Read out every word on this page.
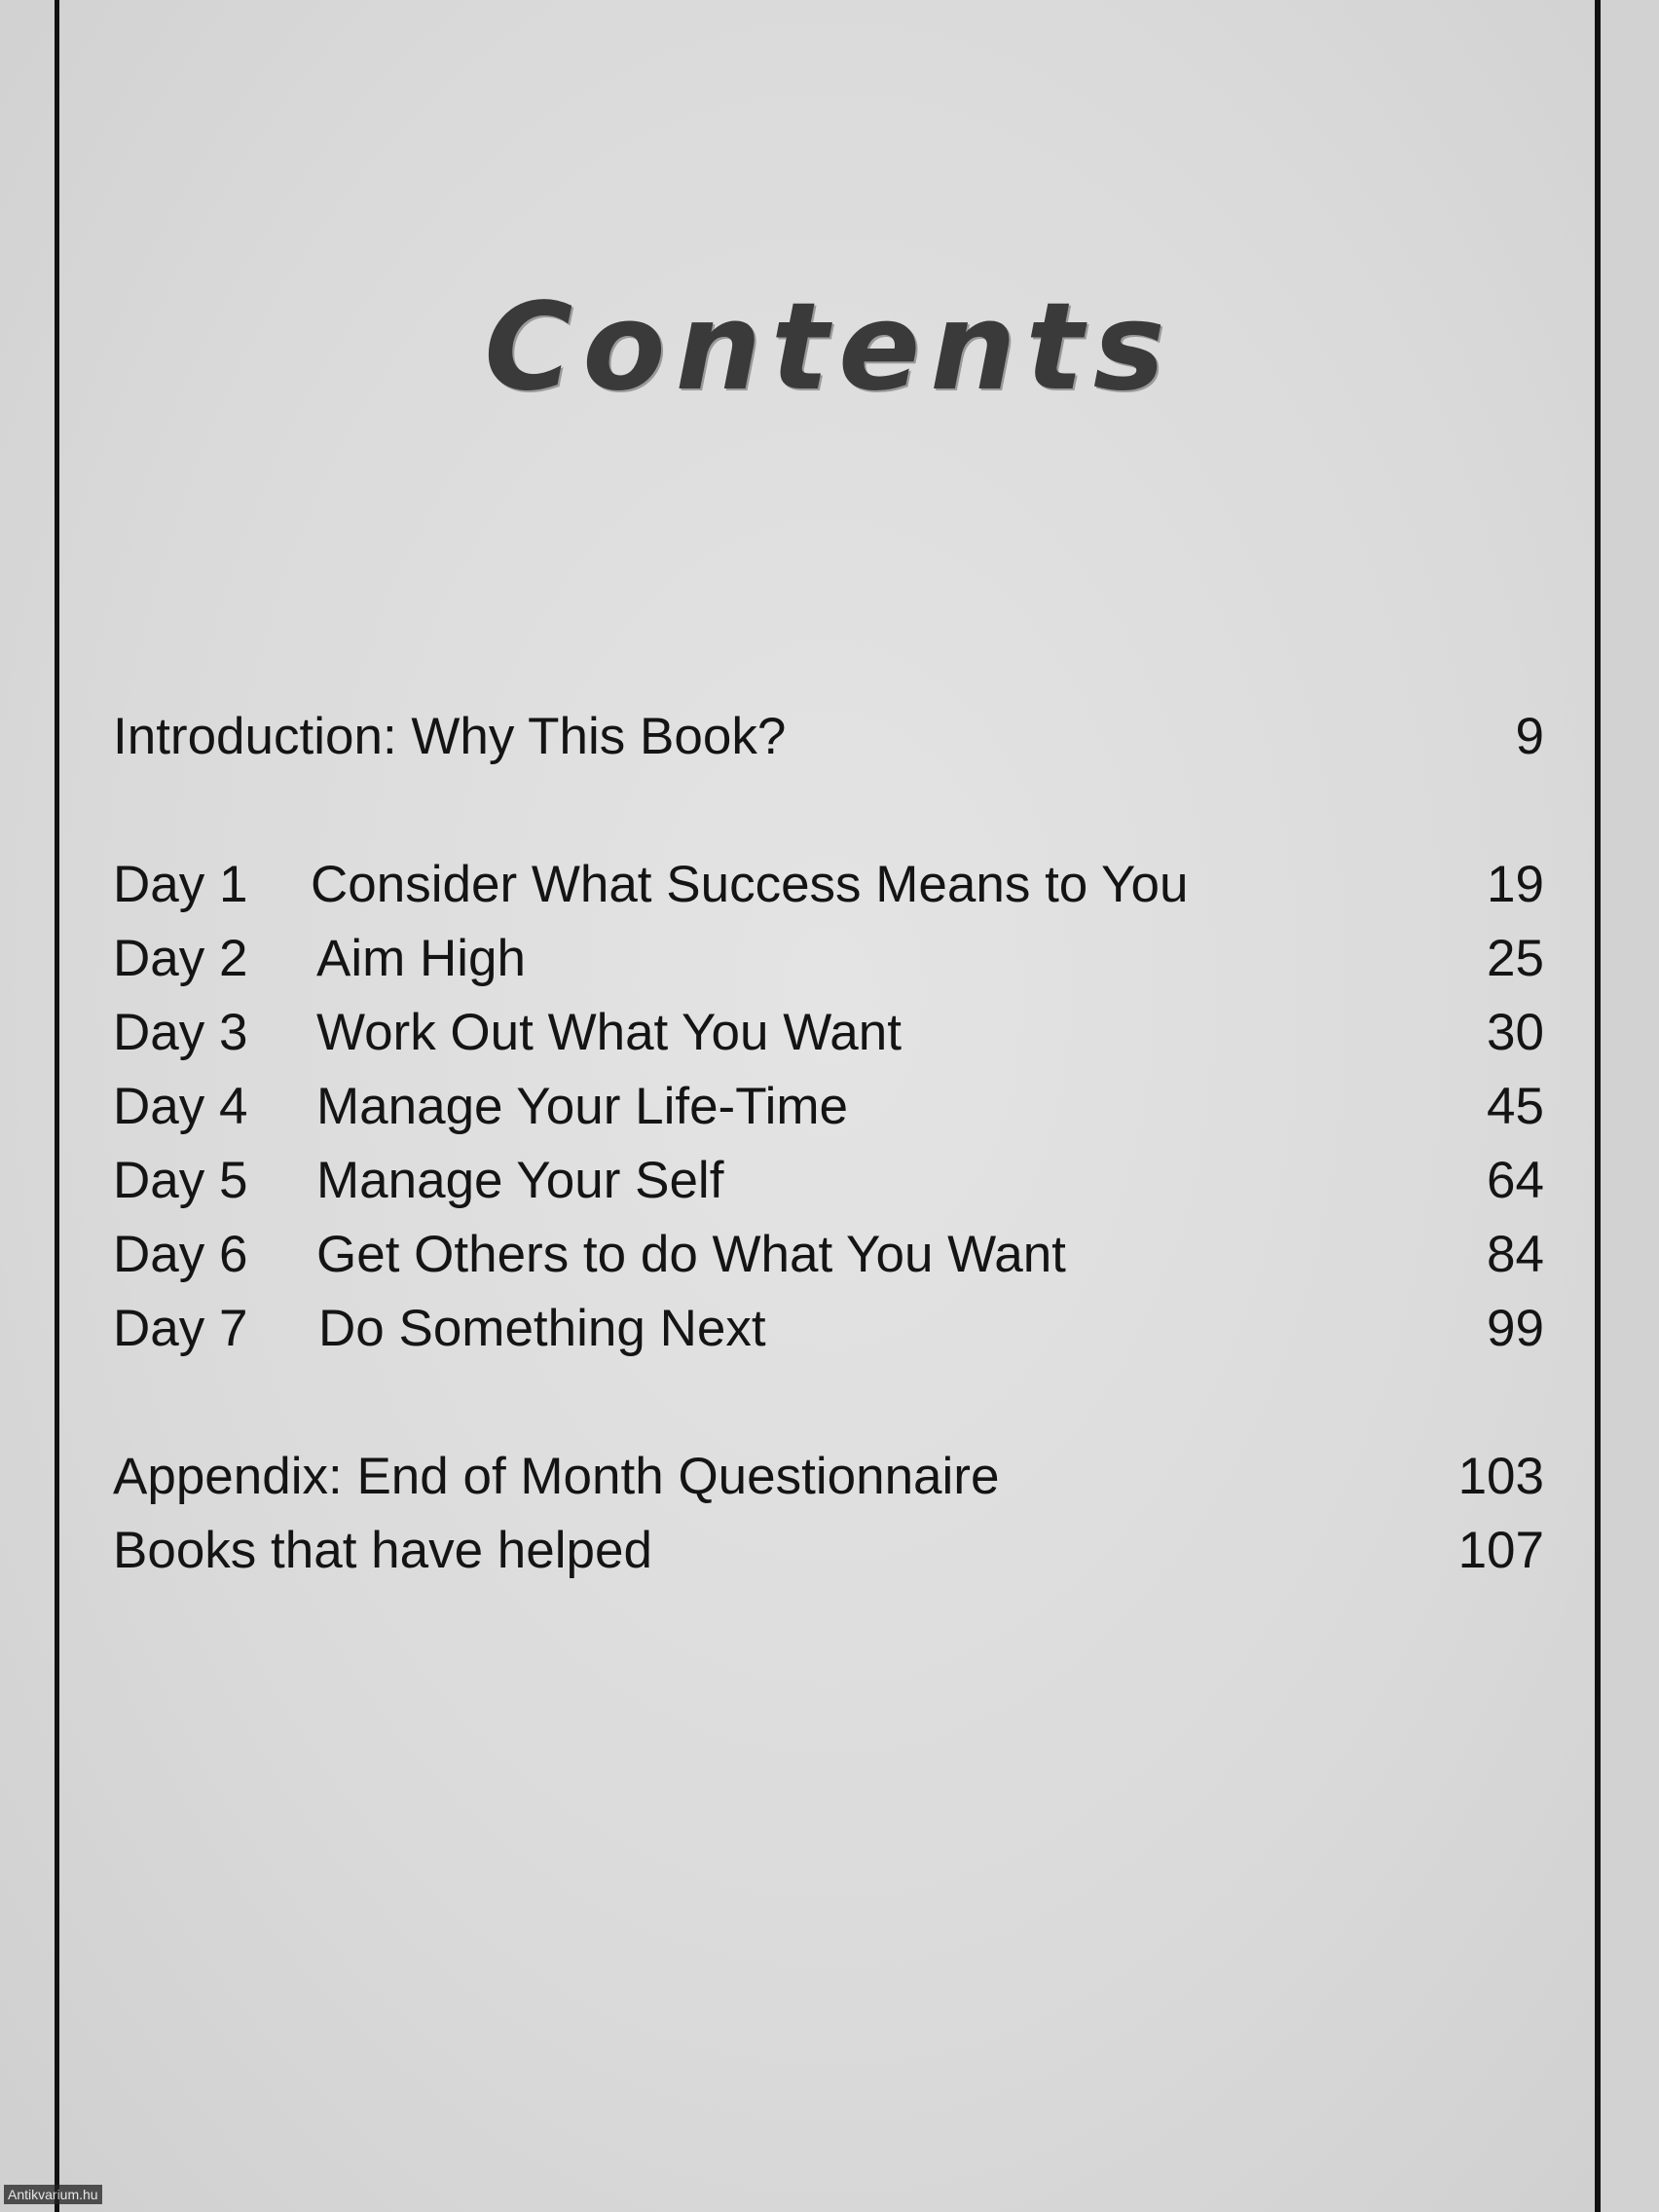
Contents
Introduction: Why This Book?	9
Day 1 Consider What Success Means to You	19
Day 2 Aim High	25
Day 3 Work Out What You Want	30
Day 4 Manage Your Life-Time	45
Day 5 Manage Your Self	64
Day 6 Get Others to do What You Want	84
Day 7 Do Something Next	99
Appendix: End of Month Questionnaire	103
Books that have helped	107
Antikvarium.hu
